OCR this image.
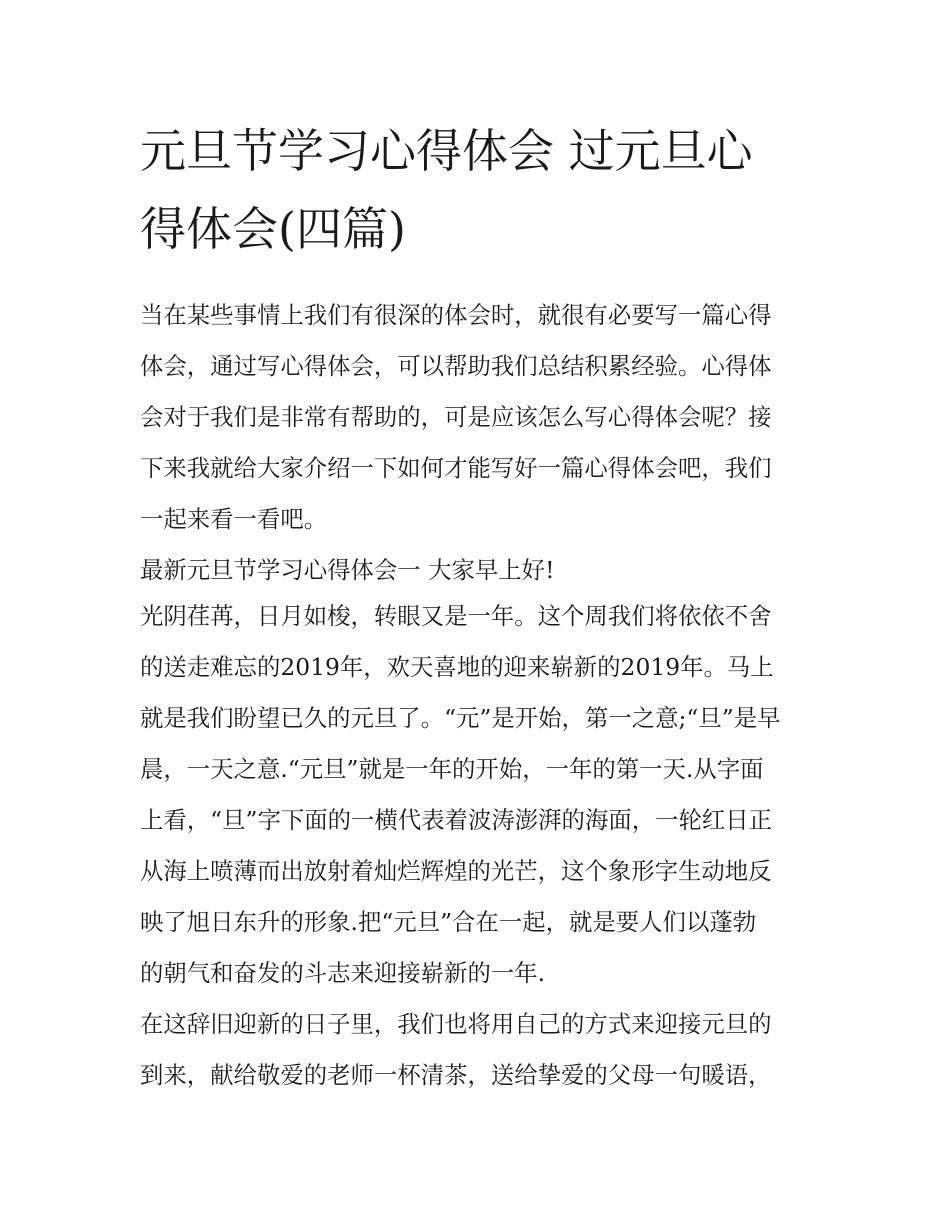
元旦节学习心得体会 过元旦心
得体会(四篇)
当在某些事情上我们有很深的体会时，就很有必要写一篇心得
体会，通过写心得体会，可以帮助我们总结积累经验。心得体
会对于我们是非常有帮助的，可是应该怎么写心得体会呢？接
下来我就给大家介绍一下如何才能写好一篇心得体会吧，我们
一起来看一看吧。
最新元旦节学习心得体会一 大家早上好!
光阴荏苒，日月如梭，转眼又是一年。这个周我们将依依不舍
的送走难忘的2019年，欢天喜地的迎来崭新的2019年。马上
就是我们盼望已久的元旦了。“元”是开始，第一之意;“旦”是早
晨，一天之意.“元旦”就是一年的开始，一年的第一天.从字面
上看，“旦”字下面的一横代表着波涛澎湃的海面，一轮红日正
从海上喷薄而出放射着灿烂辉煌的光芒，这个象形字生动地反
映了旭日东升的形象.把“元旦”合在一起，就是要人们以蓬勃
的朝气和奋发的斗志来迎接崭新的一年.
在这辞旧迎新的日子里，我们也将用自己的方式来迎接元旦的
到来，献给敬爱的老师一杯清茶，送给挚爱的父母一句暖语，
